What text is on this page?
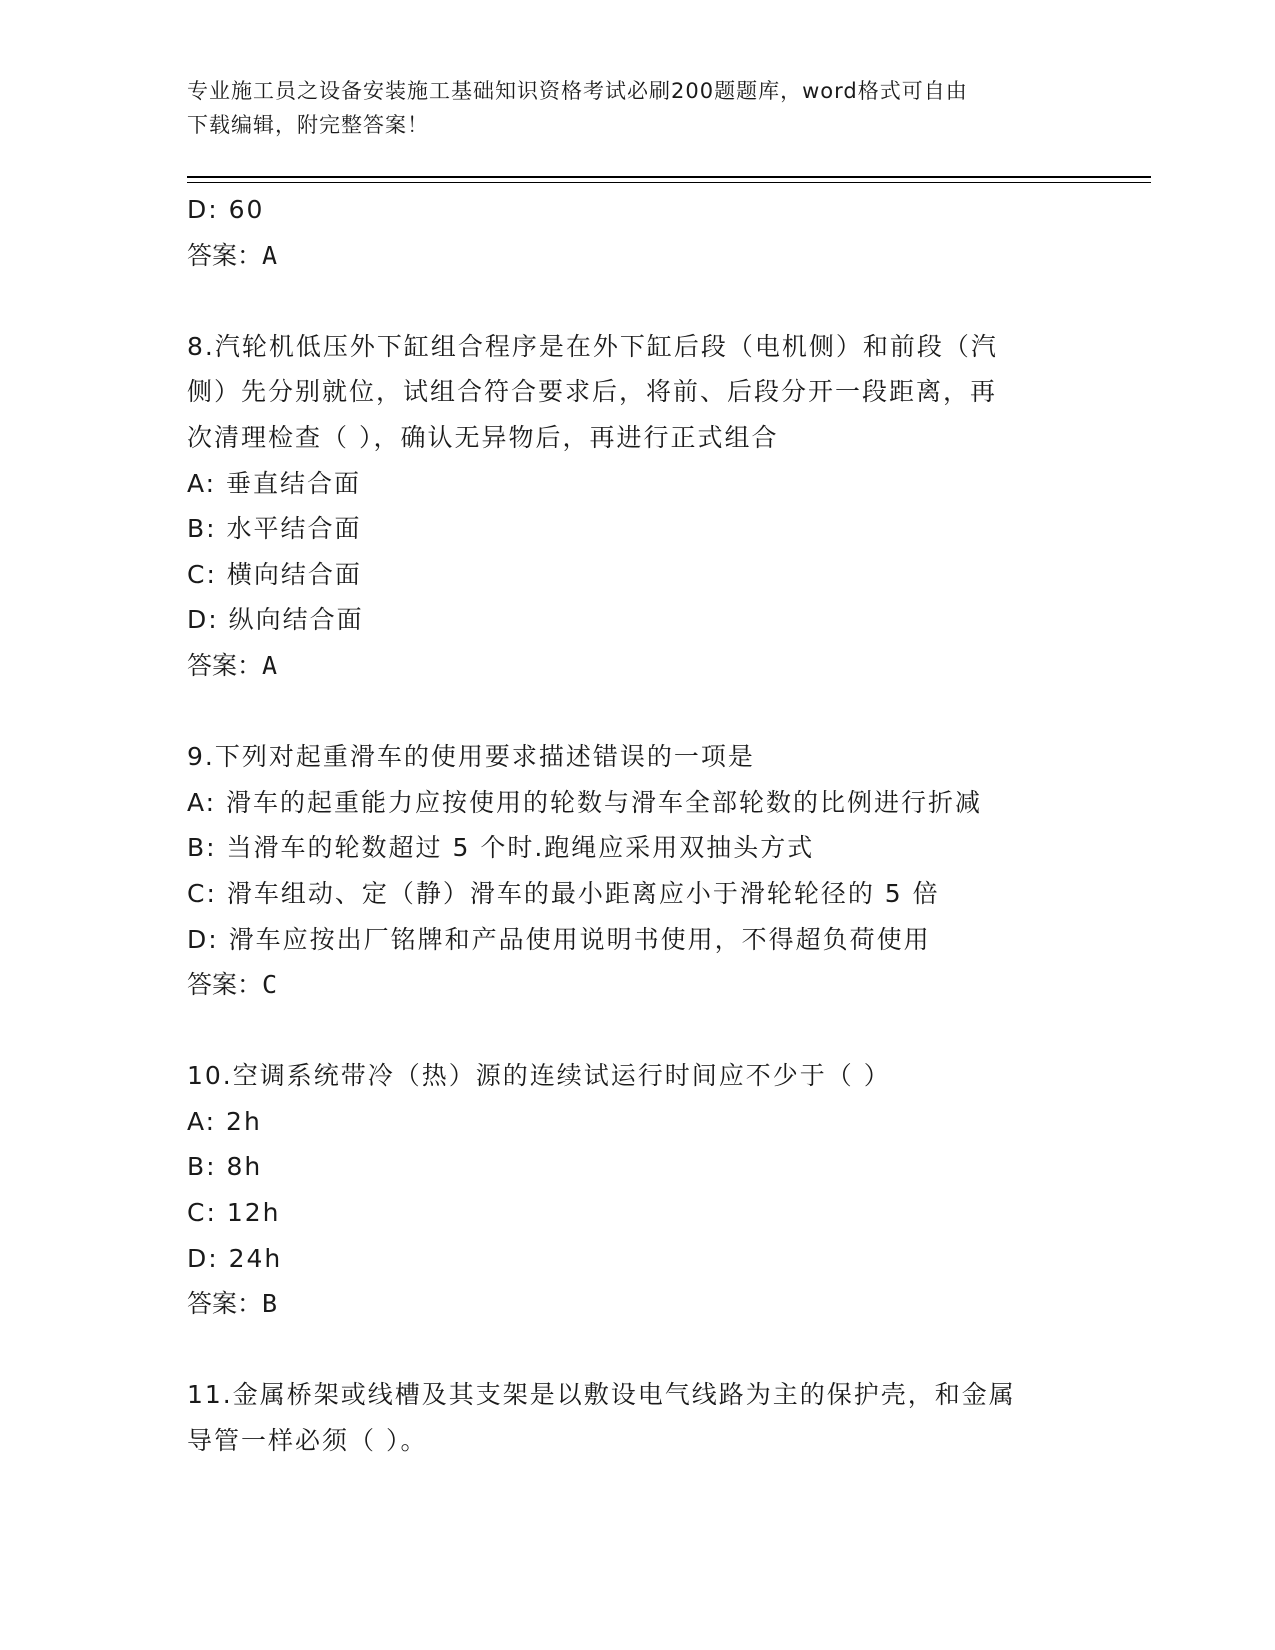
专业施工员之设备安装施工基础知识资格考试必刷200题题库，word格式可自由
下载编辑，附完整答案！
D: 60
答案：A
8.汽轮机低压外下缸组合程序是在外下缸后段（电机侧）和前段（汽
侧）先分别就位，试组合符合要求后，将前、后段分开一段距离，再
次清理检查（ ），确认无异物后，再进行正式组合
A: 垂直结合面
B: 水平结合面
C: 横向结合面
D: 纵向结合面
答案：A
9.下列对起重滑车的使用要求描述错误的一项是
A: 滑车的起重能力应按使用的轮数与滑车全部轮数的比例进行折减
B: 当滑车的轮数超过 5 个时.跑绳应采用双抽头方式
C: 滑车组动、定（静）滑车的最小距离应小于滑轮轮径的 5 倍
D: 滑车应按出厂铭牌和产品使用说明书使用，不得超负荷使用
答案：C
10.空调系统带冷（热）源的连续试运行时间应不少于（ ）
A: 2h
B: 8h
C: 12h
D: 24h
答案：B
11.金属桥架或线槽及其支架是以敷设电气线路为主的保护壳，和金属
导管一样必须（ ）。
